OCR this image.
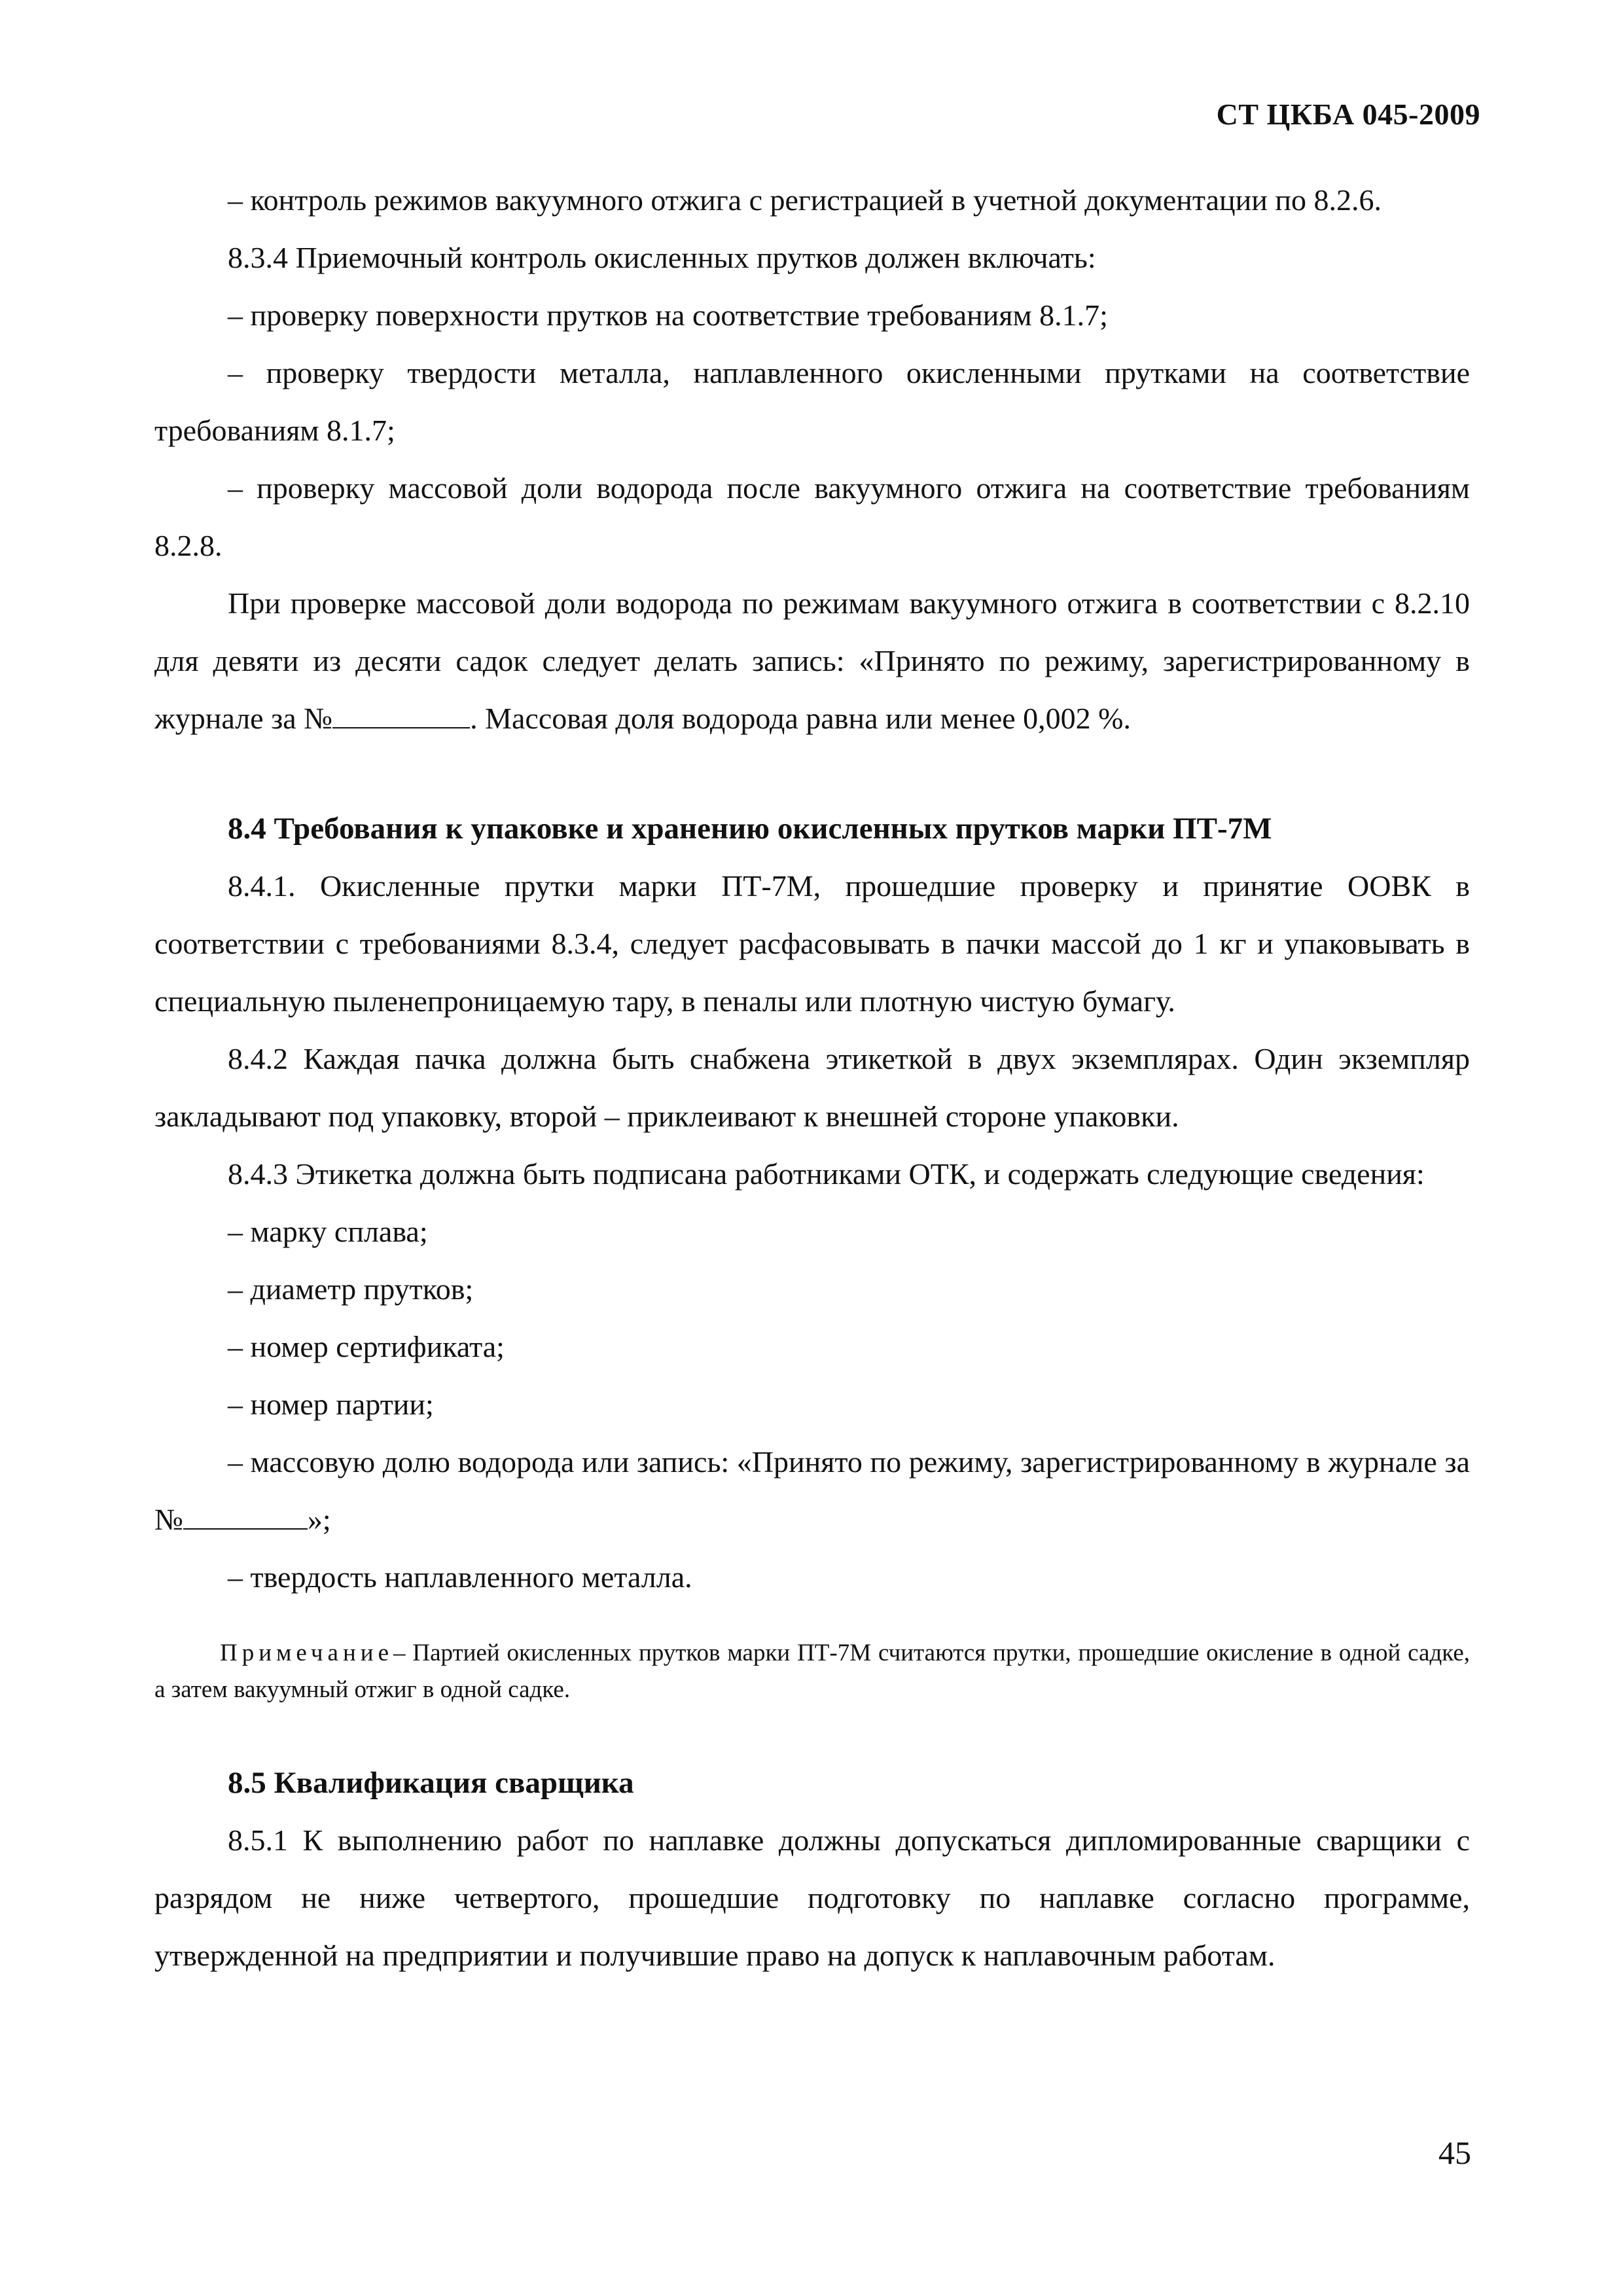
СТ ЦКБА 045-2009

– контроль режимов вакуумного отжига с регистрацией в учетной документации по 8.2.6.

8.3.4 Приемочный контроль окисленных прутков должен включать:

– проверку поверхности прутков на соответствие требованиям 8.1.7;

– проверку твердости металла, наплавленного окисленными прутками на соответствие требованиям 8.1.7;

– проверку массовой доли водорода после вакуумного отжига на соответствие требованиям 8.2.8.

При проверке массовой доли водорода по режимам вакуумного отжига в соответствии с 8.2.10 для девяти из десяти садок следует делать запись: «Принято по режиму, зарегистрированному в журнале за №	. Массовая доля водорода равна или менее 0,002 %.

8.4 Требования к упаковке и хранению окисленных прутков марки ПТ-7М

8.4.1. Окисленные прутки марки ПТ-7М, прошедшие проверку и принятие ООВК в соответствии с требованиями 8.3.4, следует расфасовывать в пачки массой до 1 кг и упаковывать в специальную пыленепроницаемую тару, в пеналы или плотную чистую бумагу.

8.4.2 Каждая пачка должна быть снабжена этикеткой в двух экземплярах. Один экземпляр закладывают под упаковку, второй – приклеивают к внешней стороне упаковки.

8.4.3 Этикетка должна быть подписана работниками ОТК, и содержать следующие сведения:

– марку сплава;

– диаметр прутков;

– номер сертификата;

– номер партии;

– массовую долю водорода или запись: «Принято по режиму, зарегистрированному в журнале за №	»;

– твердость наплавленного металла.

Примечание– Партией окисленных прутков марки ПТ-7М считаются прутки, прошедшие окисление в одной садке, а затем вакуумный отжиг в одной садке.

8.5 Квалификация сварщика

8.5.1 К выполнению работ по наплавке должны допускаться дипломированные сварщики с разрядом не ниже четвертого, прошедшие подготовку по наплавке согласно программе, утвержденной на предприятии и получившие право на допуск к наплавочным работам.

45
